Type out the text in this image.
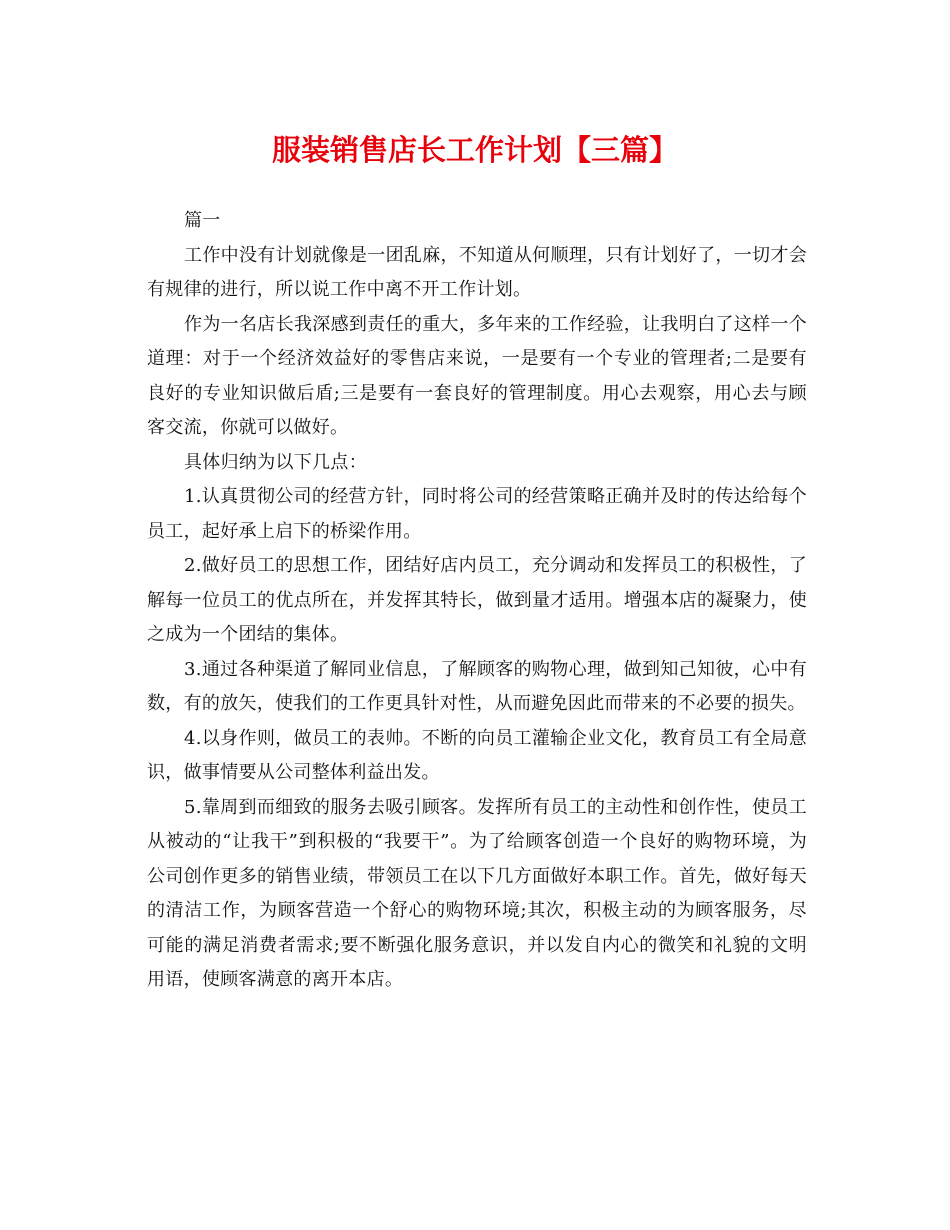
服装销售店长工作计划【三篇】

篇一

工作中没有计划就像是一团乱麻，不知道从何顺理，只有计划好了，一切才会有规律的进行，所以说工作中离不开工作计划。

作为一名店长我深感到责任的重大，多年来的工作经验，让我明白了这样一个道理：对于一个经济效益好的零售店来说，一是要有一个专业的管理者;二是要有良好的专业知识做后盾;三是要有一套良好的管理制度。用心去观察，用心去与顾客交流，你就可以做好。

具体归纳为以下几点：

1.认真贯彻公司的经营方针，同时将公司的经营策略正确并及时的传达给每个员工，起好承上启下的桥梁作用。

2.做好员工的思想工作，团结好店内员工，充分调动和发挥员工的积极性，了解每一位员工的优点所在，并发挥其特长，做到量才适用。增强本店的凝聚力，使之成为一个团结的集体。

3.通过各种渠道了解同业信息，了解顾客的购物心理，做到知己知彼，心中有数，有的放矢，使我们的工作更具针对性，从而避免因此而带来的不必要的损失。

4.以身作则，做员工的表帅。不断的向员工灌输企业文化，教育员工有全局意识，做事情要从公司整体利益出发。

5.靠周到而细致的服务去吸引顾客。发挥所有员工的主动性和创作性，使员工从被动的“让我干”到积极的“我要干”。为了给顾客创造一个良好的购物环境，为公司创作更多的销售业绩，带领员工在以下几方面做好本职工作。首先，做好每天的清洁工作，为顾客营造一个舒心的购物环境;其次，积极主动的为顾客服务，尽可能的满足消费者需求;要不断强化服务意识，并以发自内心的微笑和礼貌的文明用语，使顾客满意的离开本店。
